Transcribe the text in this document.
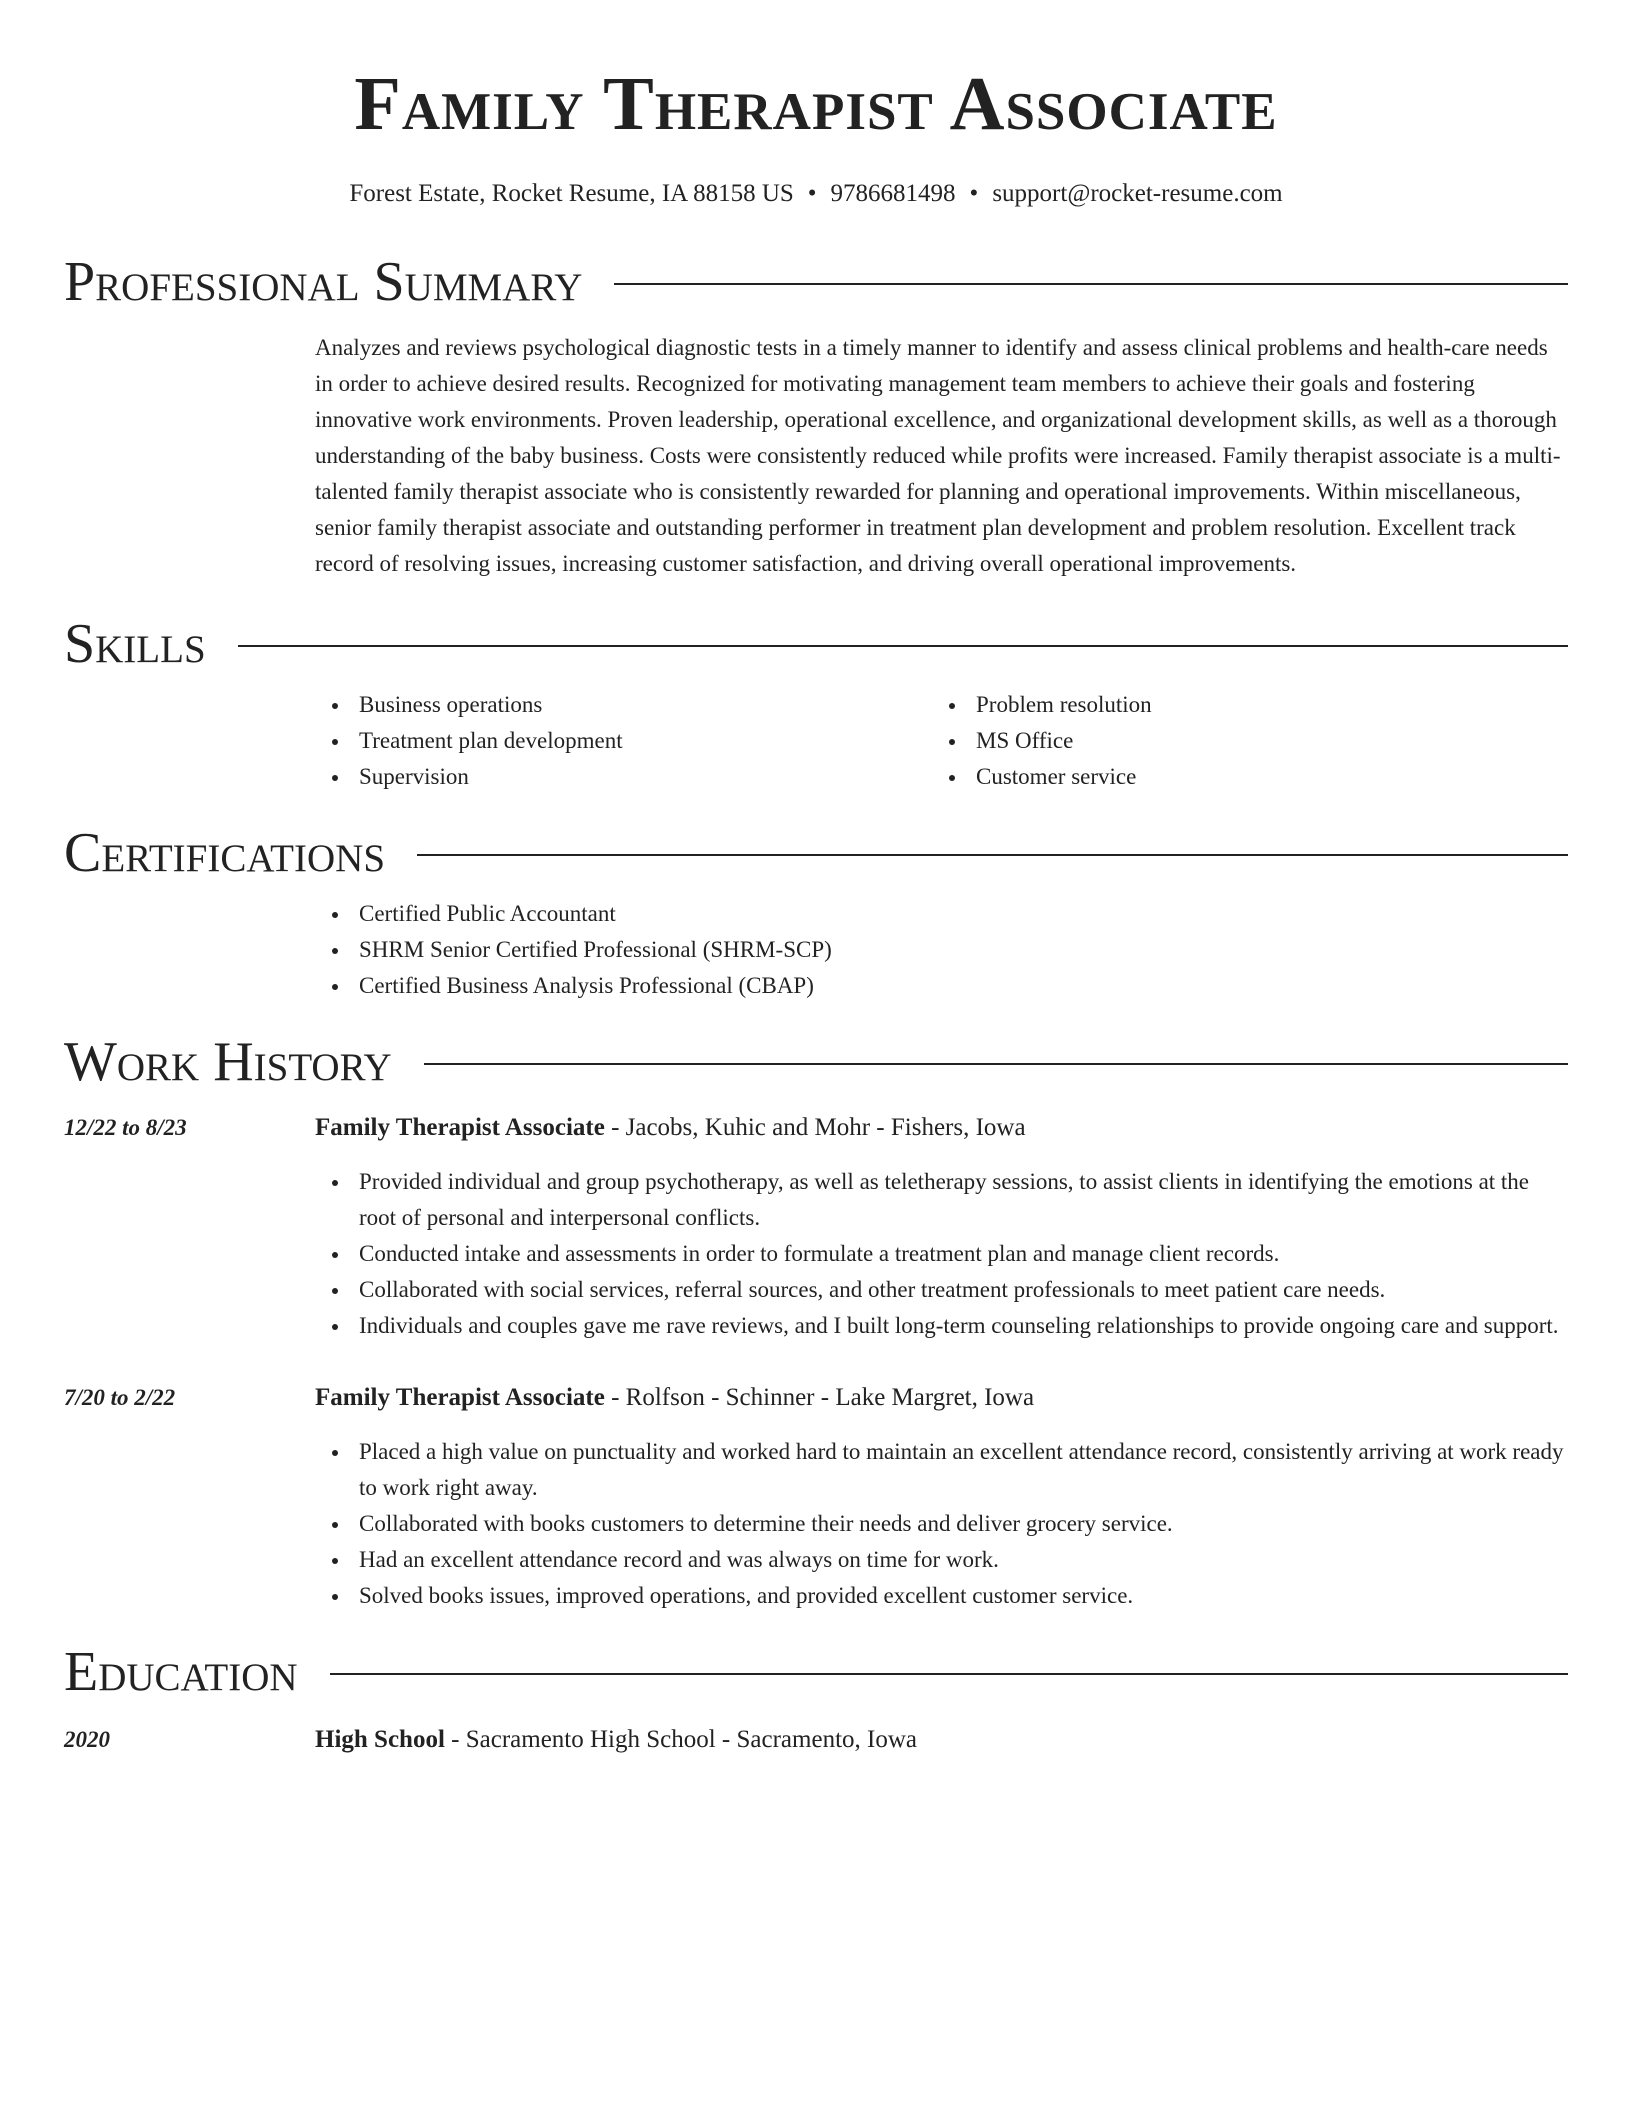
Family Therapist Associate
Forest Estate, Rocket Resume, IA 88158 US • 9786681498 • support@rocket-resume.com
Professional Summary
Analyzes and reviews psychological diagnostic tests in a timely manner to identify and assess clinical problems and health-care needs in order to achieve desired results. Recognized for motivating management team members to achieve their goals and fostering innovative work environments. Proven leadership, operational excellence, and organizational development skills, as well as a thorough understanding of the baby business. Costs were consistently reduced while profits were increased. Family therapist associate is a multi-talented family therapist associate who is consistently rewarded for planning and operational improvements. Within miscellaneous, senior family therapist associate and outstanding performer in treatment plan development and problem resolution. Excellent track record of resolving issues, increasing customer satisfaction, and driving overall operational improvements.
Skills
Business operations	Problem resolution
Treatment plan development	MS Office
Supervision	Customer service
Certifications
Certified Public Accountant
SHRM Senior Certified Professional (SHRM-SCP)
Certified Business Analysis Professional (CBAP)
Work History
12/22 to 8/23	Family Therapist Associate - Jacobs, Kuhic and Mohr - Fishers, Iowa
Provided individual and group psychotherapy, as well as teletherapy sessions, to assist clients in identifying the emotions at the root of personal and interpersonal conflicts.
Conducted intake and assessments in order to formulate a treatment plan and manage client records.
Collaborated with social services, referral sources, and other treatment professionals to meet patient care needs.
Individuals and couples gave me rave reviews, and I built long-term counseling relationships to provide ongoing care and support.
7/20 to 2/22	Family Therapist Associate - Rolfson - Schinner - Lake Margret, Iowa
Placed a high value on punctuality and worked hard to maintain an excellent attendance record, consistently arriving at work ready to work right away.
Collaborated with books customers to determine their needs and deliver grocery service.
Had an excellent attendance record and was always on time for work.
Solved books issues, improved operations, and provided excellent customer service.
Education
2020	High School - Sacramento High School - Sacramento, Iowa
